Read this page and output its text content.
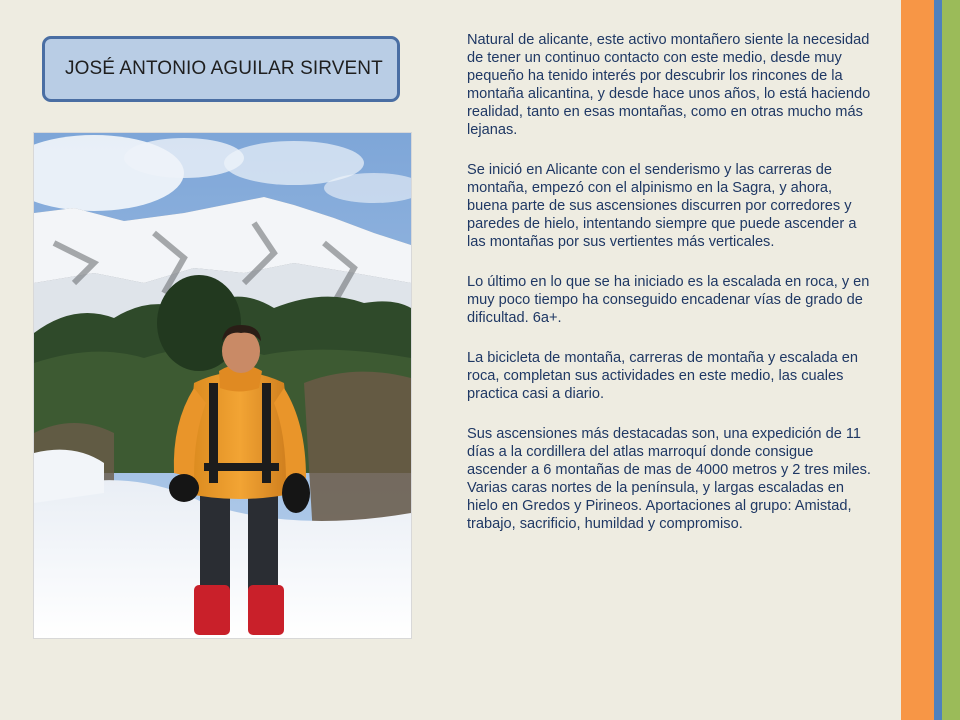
JOSÉ ANTONIO AGUILAR SIRVENT

Natural de alicante, este activo montañero siente la necesidad de tener un continuo contacto con este medio, desde muy pequeño ha tenido interés por descubrir los rincones de la montaña alicantina, y desde hace unos años, lo está haciendo realidad, tanto en esas montañas, como en otras mucho más lejanas.

Se inició en Alicante con el senderismo y las carreras de montaña, empezó con el alpinismo en la Sagra, y ahora, buena parte de sus ascensiones discurren por corredores y paredes de hielo, intentando siempre que puede ascender a las montañas por sus vertientes más verticales.

Lo último en lo que se ha iniciado es la escalada en roca, y en muy poco tiempo ha conseguido encadenar vías de grado de dificultad. 6a+.

La bicicleta de montaña, carreras de montaña y escalada en roca, completan sus actividades en este medio, las cuales practica casi a diario.

Sus ascensiones más destacadas son, una expedición de 11 días a la cordillera del atlas marroquí donde consigue ascender a 6 montañas de mas de 4000 metros y 2 tres miles. Varias caras nortes de la península, y largas escaladas en hielo en Gredos y Pirineos. Aportaciones al grupo: Amistad, trabajo, sacrificio, humildad y compromiso.
